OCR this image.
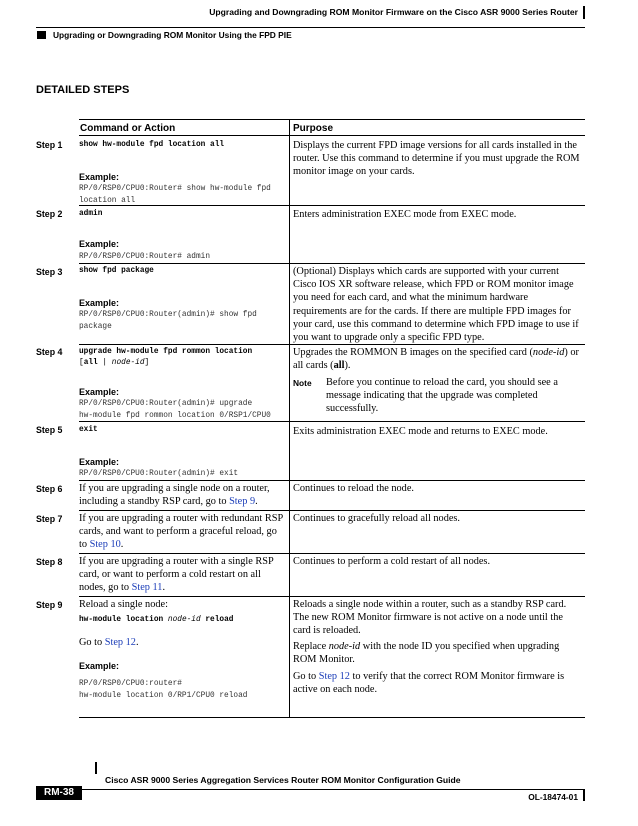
Upgrading and Downgrading ROM Monitor Firmware on the Cisco ASR 9000 Series Router
Upgrading or Downgrading ROM Monitor Using the FPD PIE
DETAILED STEPS
Command or Action	Purpose
Step 1 show hw-module fpd location all
Example:
RP/0/RSP0/CPU0:Router# show hw-module fpd location all
Displays the current FPD image versions for all cards installed in the router. Use this command to determine if you must upgrade the ROM monitor image on your cards.
Step 2 admin
Example:
RP/0/RSP0/CPU0:Router# admin
Enters administration EXEC mode from EXEC mode.
Step 3 show fpd package
Example:
RP/0/RSP0/CPU0:Router(admin)# show fpd package
(Optional) Displays which cards are supported with your current Cisco IOS XR software release, which FPD or ROM monitor image you need for each card, and what the minimum hardware requirements are for the cards. If there are multiple FPD images for your card, use this command to determine which FPD image to use if you want to upgrade only a specific FPD type.
Step 4 upgrade hw-module fpd rommon location
[all | node-id]
Example:
RP/0/RSP0/CPU0:Router(admin)# upgrade
hw-module fpd rommon location 0/RSP1/CPU0
Upgrades the ROMMON B images on the specified card (node-id) or all cards (all).
Note Before you continue to reload the card, you should see a message indicating that the upgrade was completed successfully.
Step 5 exit
Example:
RP/0/RSP0/CPU0:Router(admin)# exit
Exits administration EXEC mode and returns to EXEC mode.
Step 6 If you are upgrading a single node on a router, including a standby RSP card, go to Step 9.
Continues to reload the node.
Step 7 If you are upgrading a router with redundant RSP cards, and want to perform a graceful reload, go to Step 10.
Continues to gracefully reload all nodes.
Step 8 If you are upgrading a router with a single RSP card, or want to perform a cold restart on all nodes, go to Step 11.
Continues to perform a cold restart of all nodes.
Step 9 Reload a single node:
hw-module location node-id reload
Go to Step 12.
Example:
RP/0/RSP0/CPU0:router#
hw-module location 0/RP1/CPU0 reload
Reloads a single node within a router, such as a standby RSP card. The new ROM Monitor firmware is not active on a node until the card is reloaded.
Replace node-id with the node ID you specified when upgrading ROM Monitor.
Go to Step 12 to verify that the correct ROM Monitor firmware is active on each node.
Cisco ASR 9000 Series Aggregation Services Router ROM Monitor Configuration Guide
RM-38	OL-18474-01
